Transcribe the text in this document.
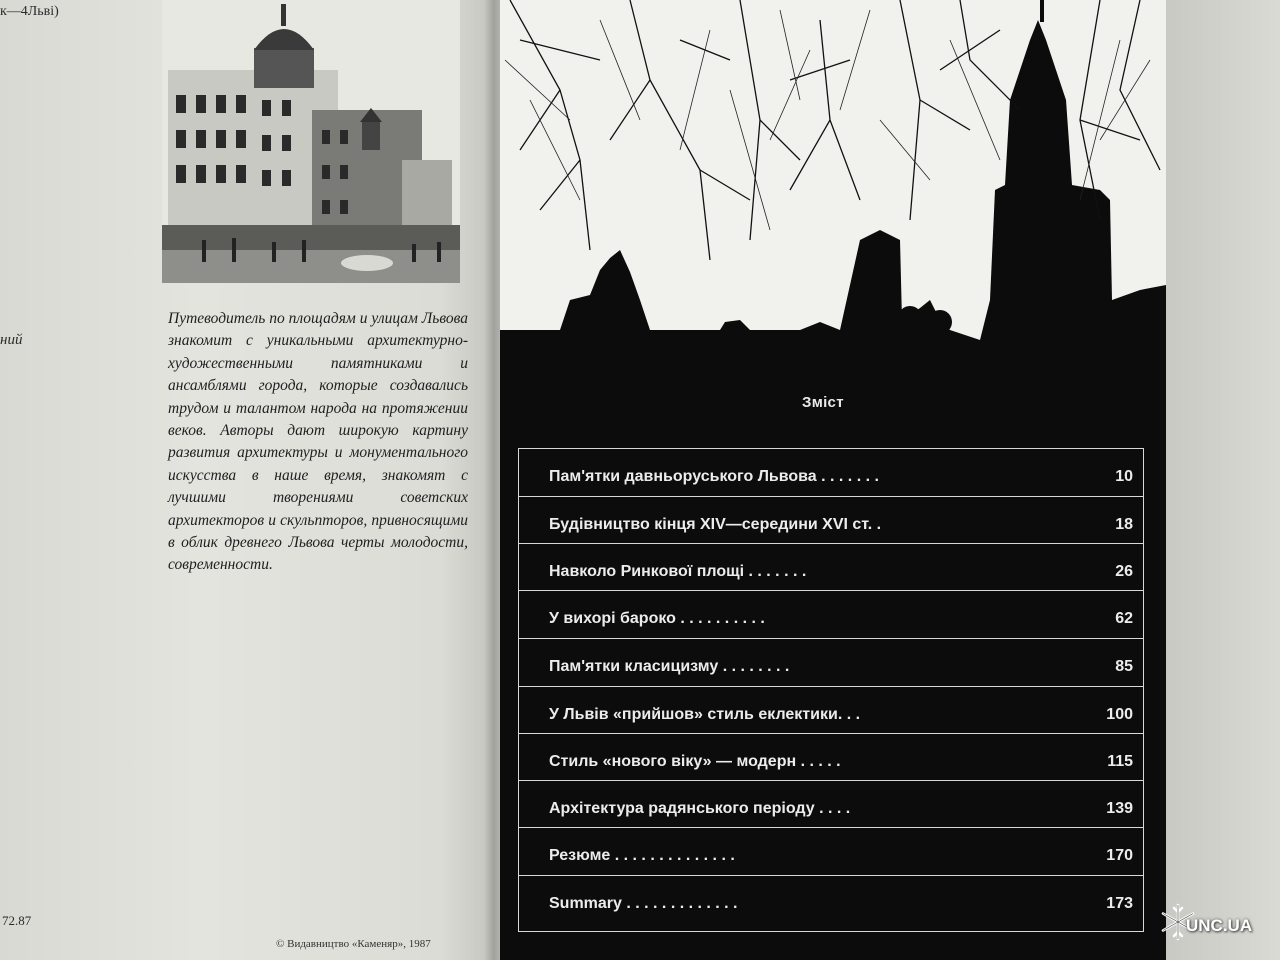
к—4Льві)
ний
72.87

Путеводитель по площадям и улицам Львова знакомит с уникальными архитектурно-художественными памятниками и ансамблями города, которые создавались трудом и талантом народа на протяжении веков. Авторы дают широкую картину развития архитектуры и монументального искусства в наше время, знакомят с лучшими творениями советских архитекторов и скульпторов, привносящими в облик древнего Львова черты молодости, современности.

© Видавництво «Каменяр», 1987
Зміст
Пам'ятки давньоруського Львова . . . . . . .	10
Будівництво кінця XIV—середини XVI ст. .	18
Навколо Ринкової площі . . . . . . .	26
У вихорі бароко . . . . . . . . . .	62
Пам'ятки класицизму . . . . . . . .	85
У Львів «прийшов» стиль еклектики. . .	100
Стиль «нового віку» — модерн . . . . .	115
Архітектура радянського періоду . . . .	139
Резюме . . . . . . . . . . . . . .	170
Summary . . . . . . . . . . . . .	173
UNC.UA
